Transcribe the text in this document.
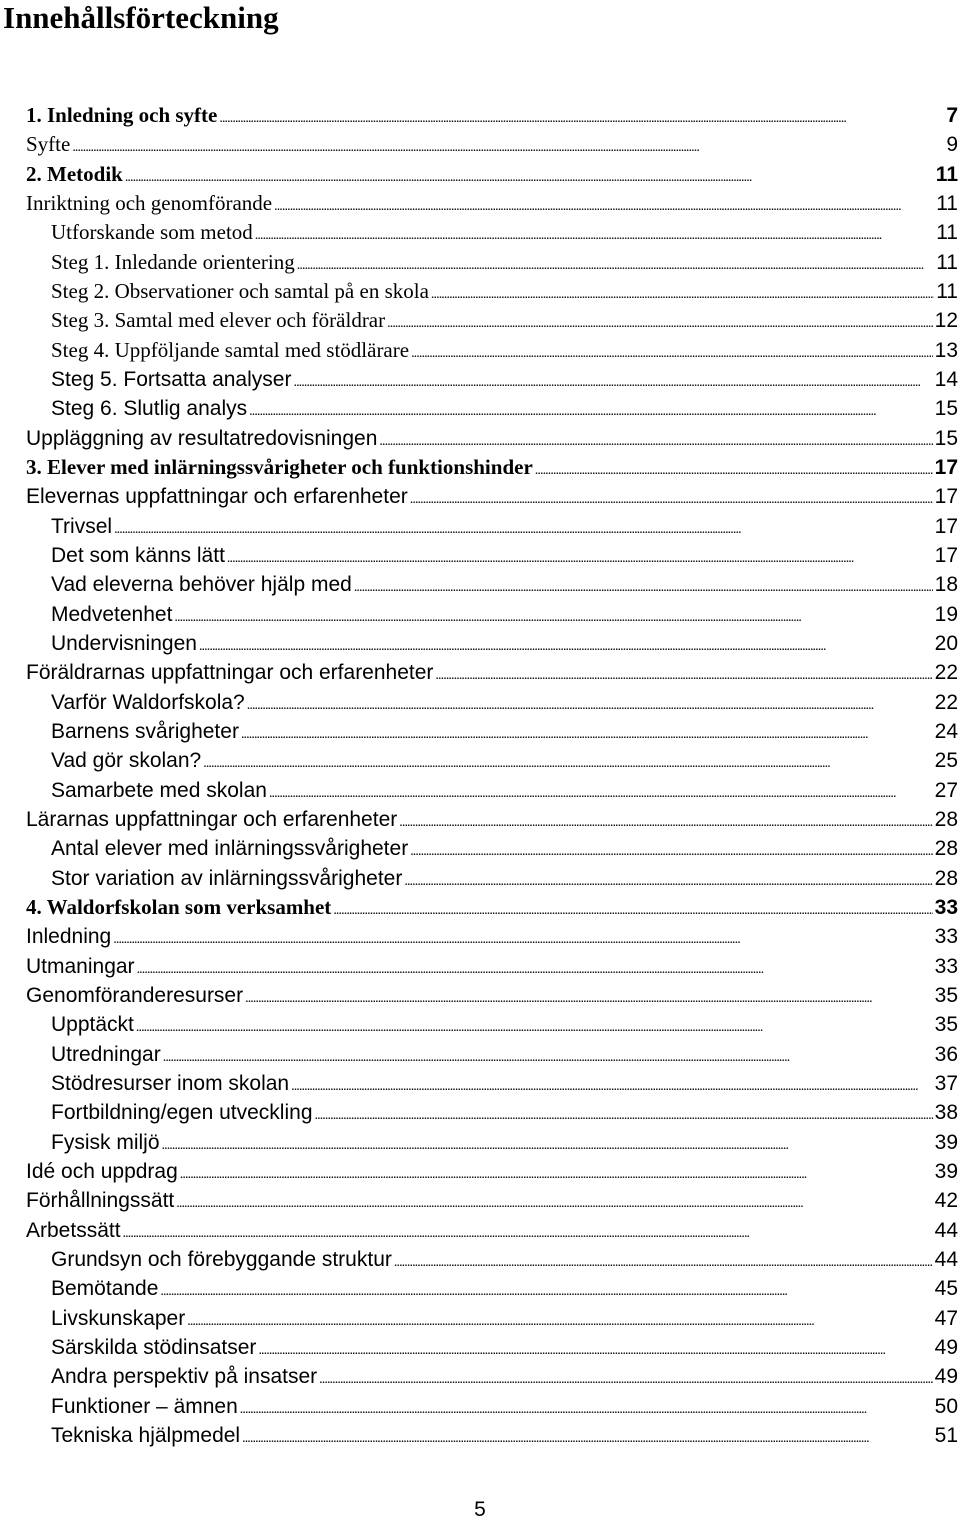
Innehållsförteckning
1. Inledning och syfte . . .	7
Syfte . . .	9
2. Metodik . . .	11
Inriktning och genomförande . . .	11
Utforskande som metod . . .	11
Steg 1. Inledande orientering . . .	11
Steg 2. Observationer och samtal på en skola . . .	11
Steg 3. Samtal med elever och föräldrar . . .	12
Steg 4. Uppföljande samtal med stödlärare . . .	13
Steg 5. Fortsatta analyser . . .	14
Steg 6. Slutlig analys . . .	15
Uppläggning av resultatredovisningen . . .	15
3. Elever med inlärningssvårigheter och funktionshinder . . .	17
Elevernas uppfattningar och erfarenheter . . .	17
Trivsel . . .	17
Det som känns lätt . . .	17
Vad eleverna behöver hjälp med . . .	18
Medvetenhet . . .	19
Undervisningen . . .	20
Föräldrarnas uppfattningar och erfarenheter . . .	22
Varför Waldorfskola? . . .	22
Barnens svårigheter . . .	24
Vad gör skolan? . . .	25
Samarbete med skolan . . .	27
Lärarnas uppfattningar och erfarenheter . . .	28
Antal elever med inlärningssvårigheter . . .	28
Stor variation av inlärningssvårigheter . . .	28
4. Waldorfskolan som verksamhet . . .	33
Inledning . . .	33
Utmaningar . . .	33
Genomföranderesurser . . .	35
Upptäckt . . .	35
Utredningar . . .	36
Stödresurser inom skolan . . .	37
Fortbildning/egen utveckling . . .	38
Fysisk miljö . . .	39
Idé och uppdrag . . .	39
Förhållningssätt . . .	42
Arbetssätt . . .	44
Grundsyn och förebyggande struktur . . .	44
Bemötande . . .	45
Livskunskaper . . .	47
Särskilda stödinsatser . . .	49
Andra perspektiv på insatser . . .	49
Funktioner – ämnen . . .	50
Tekniska hjälpmedel . . .	51
5
